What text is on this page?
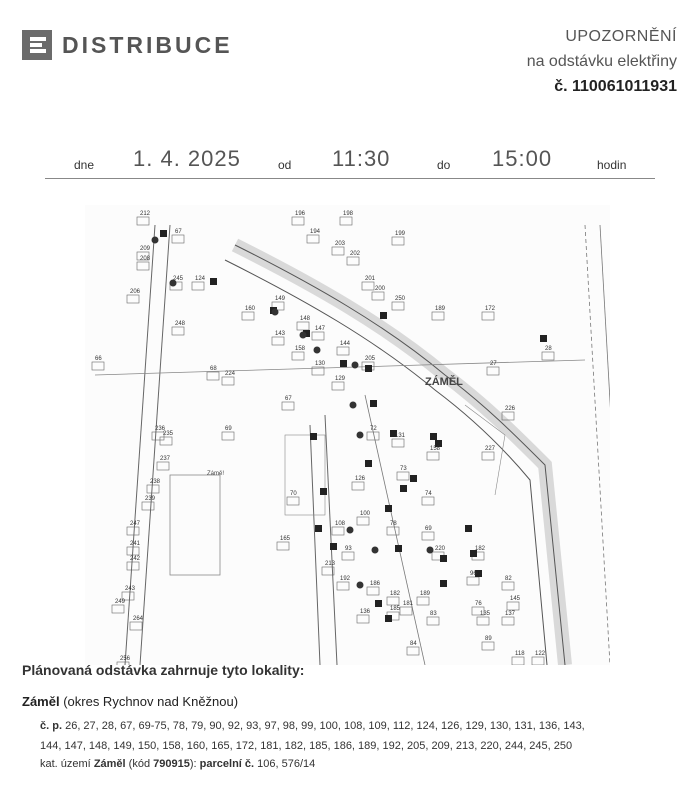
DISTRIBUCE	UPOZORNĚNÍ
na odstávku elektřiny
č. 110061011931
dne 1. 4. 2025	od 11:30	do 15:00	hodin
212
67
209
208
206
245 124
196	198
194
203
199
202
201
200
250
189	172
160
149
143
148
147
158
144
205
130
129
224
68
67
69	72
131
158
73
126
74
70
165
108
100
78
69
93
213
192
186
182
181
185
136
189
220	182
96
82
145
76
135 137
89
84
122
118
83
227
226
27
28
66
236
235
237
238
239
247
241
242
243
249
264
256
248
ZÁMĚL
Zámě!
Plánovaná odstávka zahrnuje tyto lokality:
Záměl (okres Rychnov nad Kněžnou)
č. p. 26, 27, 28, 67, 69-75, 78, 79, 90, 92, 93, 97, 98, 99, 100, 108, 109, 112, 124, 126, 129, 130, 131, 136, 143,
144, 147, 148, 149, 150, 158, 160, 165, 172, 181, 182, 185, 186, 189, 192, 205, 209, 213, 220, 244, 245, 250
kat. území Záměl (kód 790915): parcelní č. 106, 576/14
